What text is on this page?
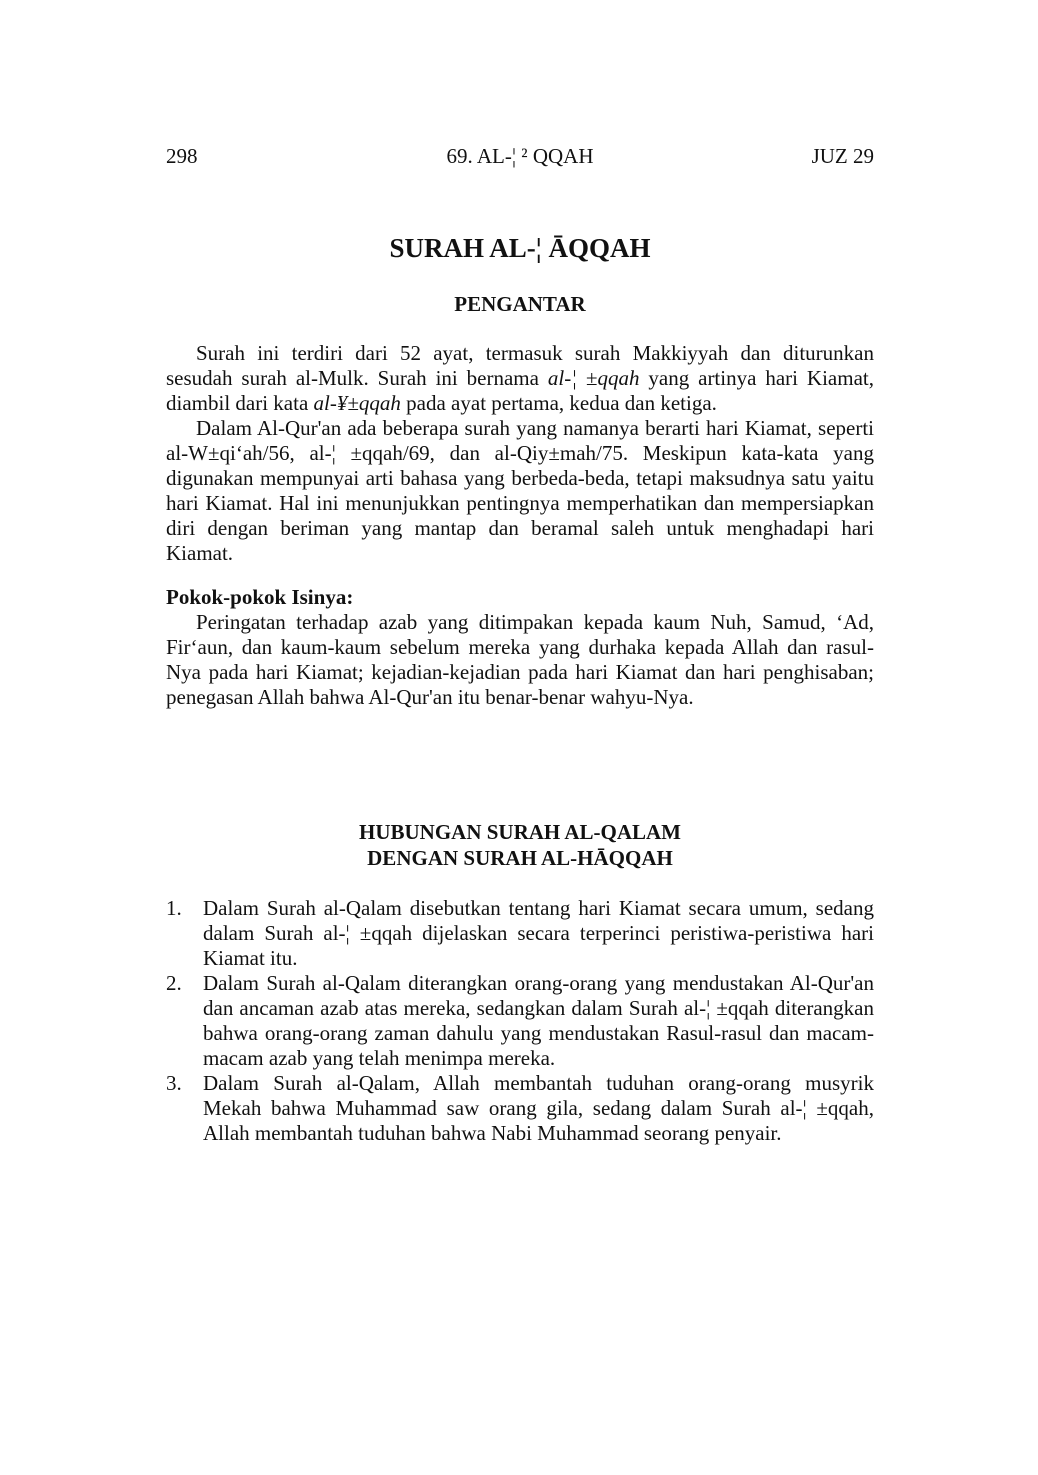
69. AL-¦ ² QQAH
298	JUZ 29
SURAH AL-¦ ĀQQAH
PENGANTAR

Surah ini terdiri dari 52 ayat, termasuk surah Makkiyyah dan diturunkan sesudah surah al-Mulk. Surah ini bernama al-¦ ±qqah yang artinya hari Kiamat, diambil dari kata al-¥±qqah pada ayat pertama, kedua dan ketiga.

Dalam Al-Qur'an ada beberapa surah yang namanya berarti hari Kiamat, seperti al-W±qi‘ah/56, al-¦ ±qqah/69, dan al-Qiy±mah/75. Meskipun kata-kata yang digunakan mempunyai arti bahasa yang berbeda-beda, tetapi maksudnya satu yaitu hari Kiamat. Hal ini menunjukkan pentingnya memperhatikan dan mempersiapkan diri dengan beriman yang mantap dan beramal saleh untuk menghadapi hari Kiamat.

Pokok-pokok Isinya:

Peringatan terhadap azab yang ditimpakan kepada kaum Nuh, Samud, ‘Ad, Fir‘aun, dan kaum-kaum sebelum mereka yang durhaka kepada Allah dan rasul-Nya pada hari Kiamat; kejadian-kejadian pada hari Kiamat dan hari penghisaban; penegasan Allah bahwa Al-Qur'an itu benar-benar wahyu-Nya.

HUBUNGAN SURAH AL-QALAM
DENGAN SURAH AL-HĀQQAH
1. Dalam Surah al-Qalam disebutkan tentang hari Kiamat secara umum, sedang dalam Surah al-¦ ±qqah dijelaskan secara terperinci peristiwa-peristiwa hari Kiamat itu.
2. Dalam Surah al-Qalam diterangkan orang-orang yang mendustakan Al-Qur'an dan ancaman azab atas mereka, sedangkan dalam Surah al-¦ ±qqah diterangkan bahwa orang-orang zaman dahulu yang mendustakan Rasul-rasul dan macam-macam azab yang telah menimpa mereka.
3. Dalam Surah al-Qalam, Allah membantah tuduhan orang-orang musyrik Mekah bahwa Muhammad saw orang gila, sedang dalam Surah al-¦ ±qqah, Allah membantah tuduhan bahwa Nabi Muhammad seorang penyair.
